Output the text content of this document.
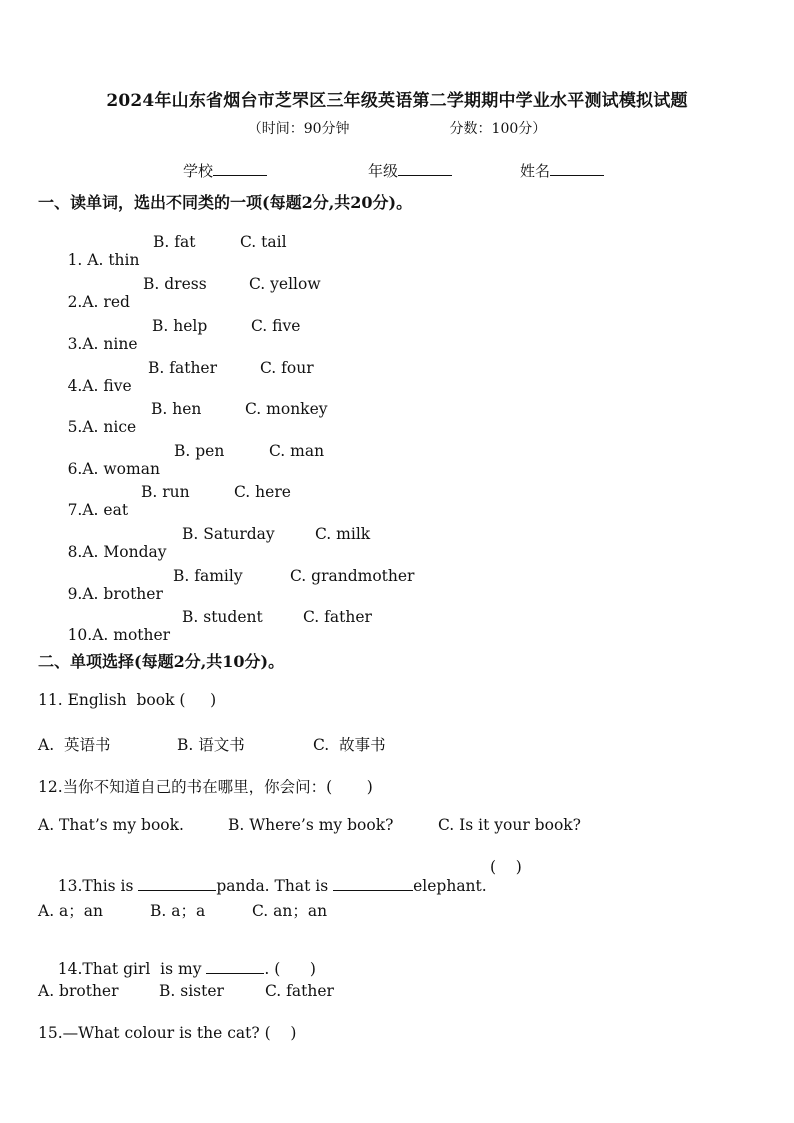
2024年山东省烟台市芝罘区三年级英语第二学期期中学业水平测试模拟试题
（时间：90分钟	分数：100分）
学校	年级	姓名
一、读单词，选出不同类的一项(每题2分,共20分)。

1. A. thin

B. fat	C. tail

2.A. red

B. dress	C. yellow

3.A. nine

B. help	C. five

4.A. five

B. father	C. four

5.A. nice

B. hen	C. monkey

6.A. woman

B. pen	C. man

7.A. eat

B. run	C. here

8.A. Monday

B. Saturday	C. milk

9.A. brother

B. family	C. grandmother

10.A. mother

B. student	C. father
二、单项选择(每题2分,共10分)。
11. English  book (     )
A.  英语书	B. 语文书	C.  故事书
12.当你不知道自己的书在哪里，你会问：(       )
A. That’s my book.	B. Where’s my book?	C. Is it your book?

13.This is	panda. That is	elephant.

(    )
A. a；an	B. a；a	C. an；an

14.That girl  is my	. (      )

A. brother	B. sister	C. father
15.—What colour is the cat? (    )
